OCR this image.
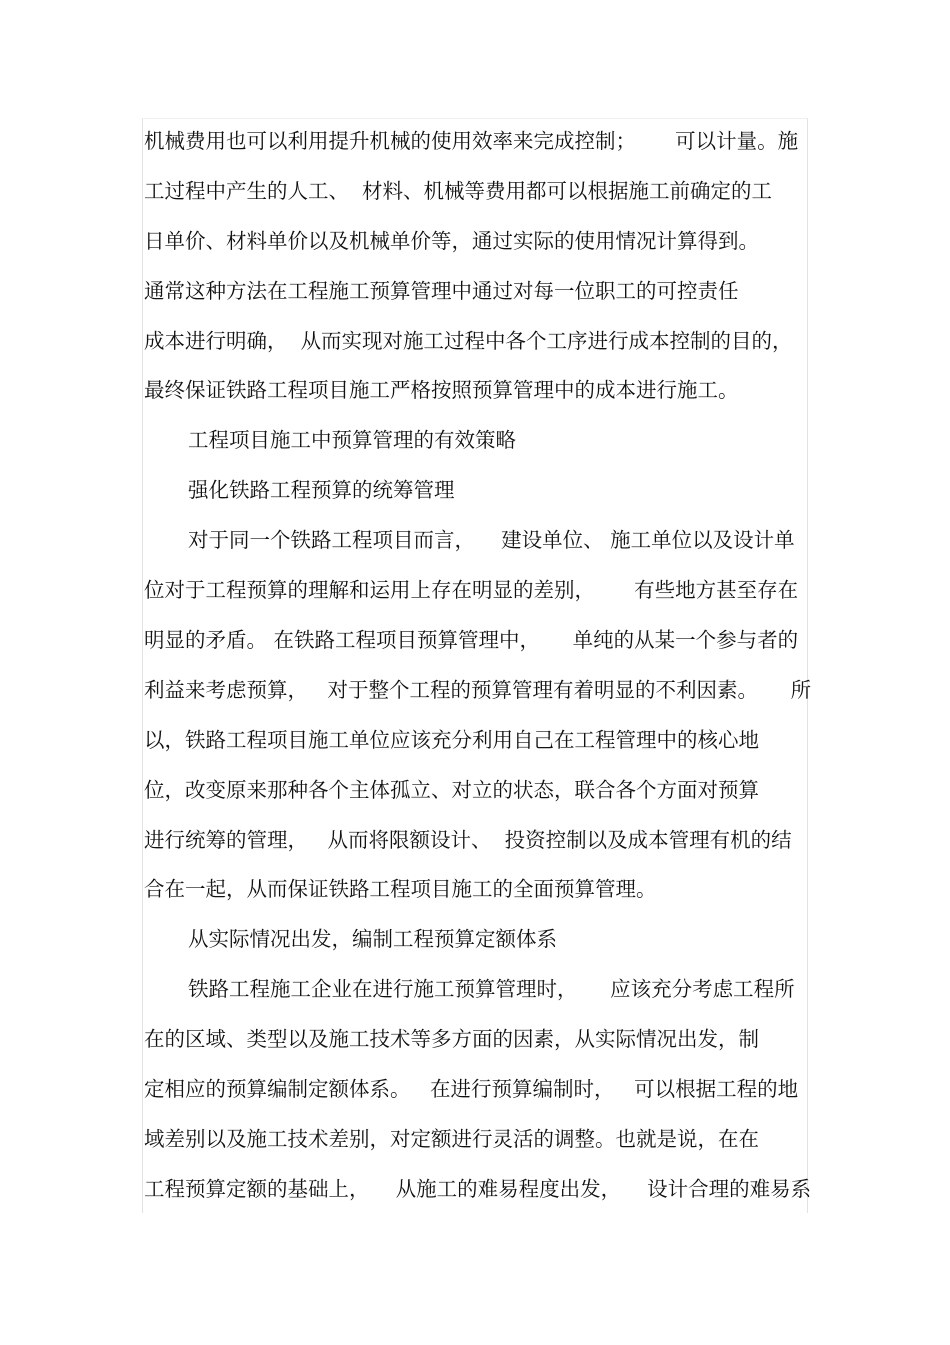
机械费用也可以利用提升机械的使用效率来完成控制；      可以计量。施
工过程中产生的人工、  材料、机械等费用都可以根据施工前确定的工
日单价、材料单价以及机械单价等，通过实际的使用情况计算得到。
通常这种方法在工程施工预算管理中通过对每一位职工的可控责任
成本进行明确，  从而实现对施工过程中各个工序进行成本控制的目的，
最终保证铁路工程项目施工严格按照预算管理中的成本进行施工。
工程项目施工中预算管理的有效策略
强化铁路工程预算的统筹管理
对于同一个铁路工程项目而言，    建设单位、 施工单位以及设计单
位对于工程预算的理解和运用上存在明显的差别，      有些地方甚至存在
明显的矛盾。 在铁路工程项目预算管理中，     单纯的从某一个参与者的
利益来考虑预算，   对于整个工程的预算管理有着明显的不利因素。     所
以，铁路工程项目施工单位应该充分利用自己在工程管理中的核心地
位，改变原来那种各个主体孤立、对立的状态，联合各个方面对预算
进行统筹的管理，   从而将限额设计、  投资控制以及成本管理有机的结
合在一起，从而保证铁路工程项目施工的全面预算管理。
从实际情况出发，编制工程预算定额体系
铁路工程施工企业在进行施工预算管理时，     应该充分考虑工程所
在的区域、类型以及施工技术等多方面的因素，从实际情况出发，制
定相应的预算编制定额体系。   在进行预算编制时，   可以根据工程的地
域差别以及施工技术差别，对定额进行灵活的调整。也就是说，在在
工程预算定额的基础上，    从施工的难易程度出发，    设计合理的难易系
